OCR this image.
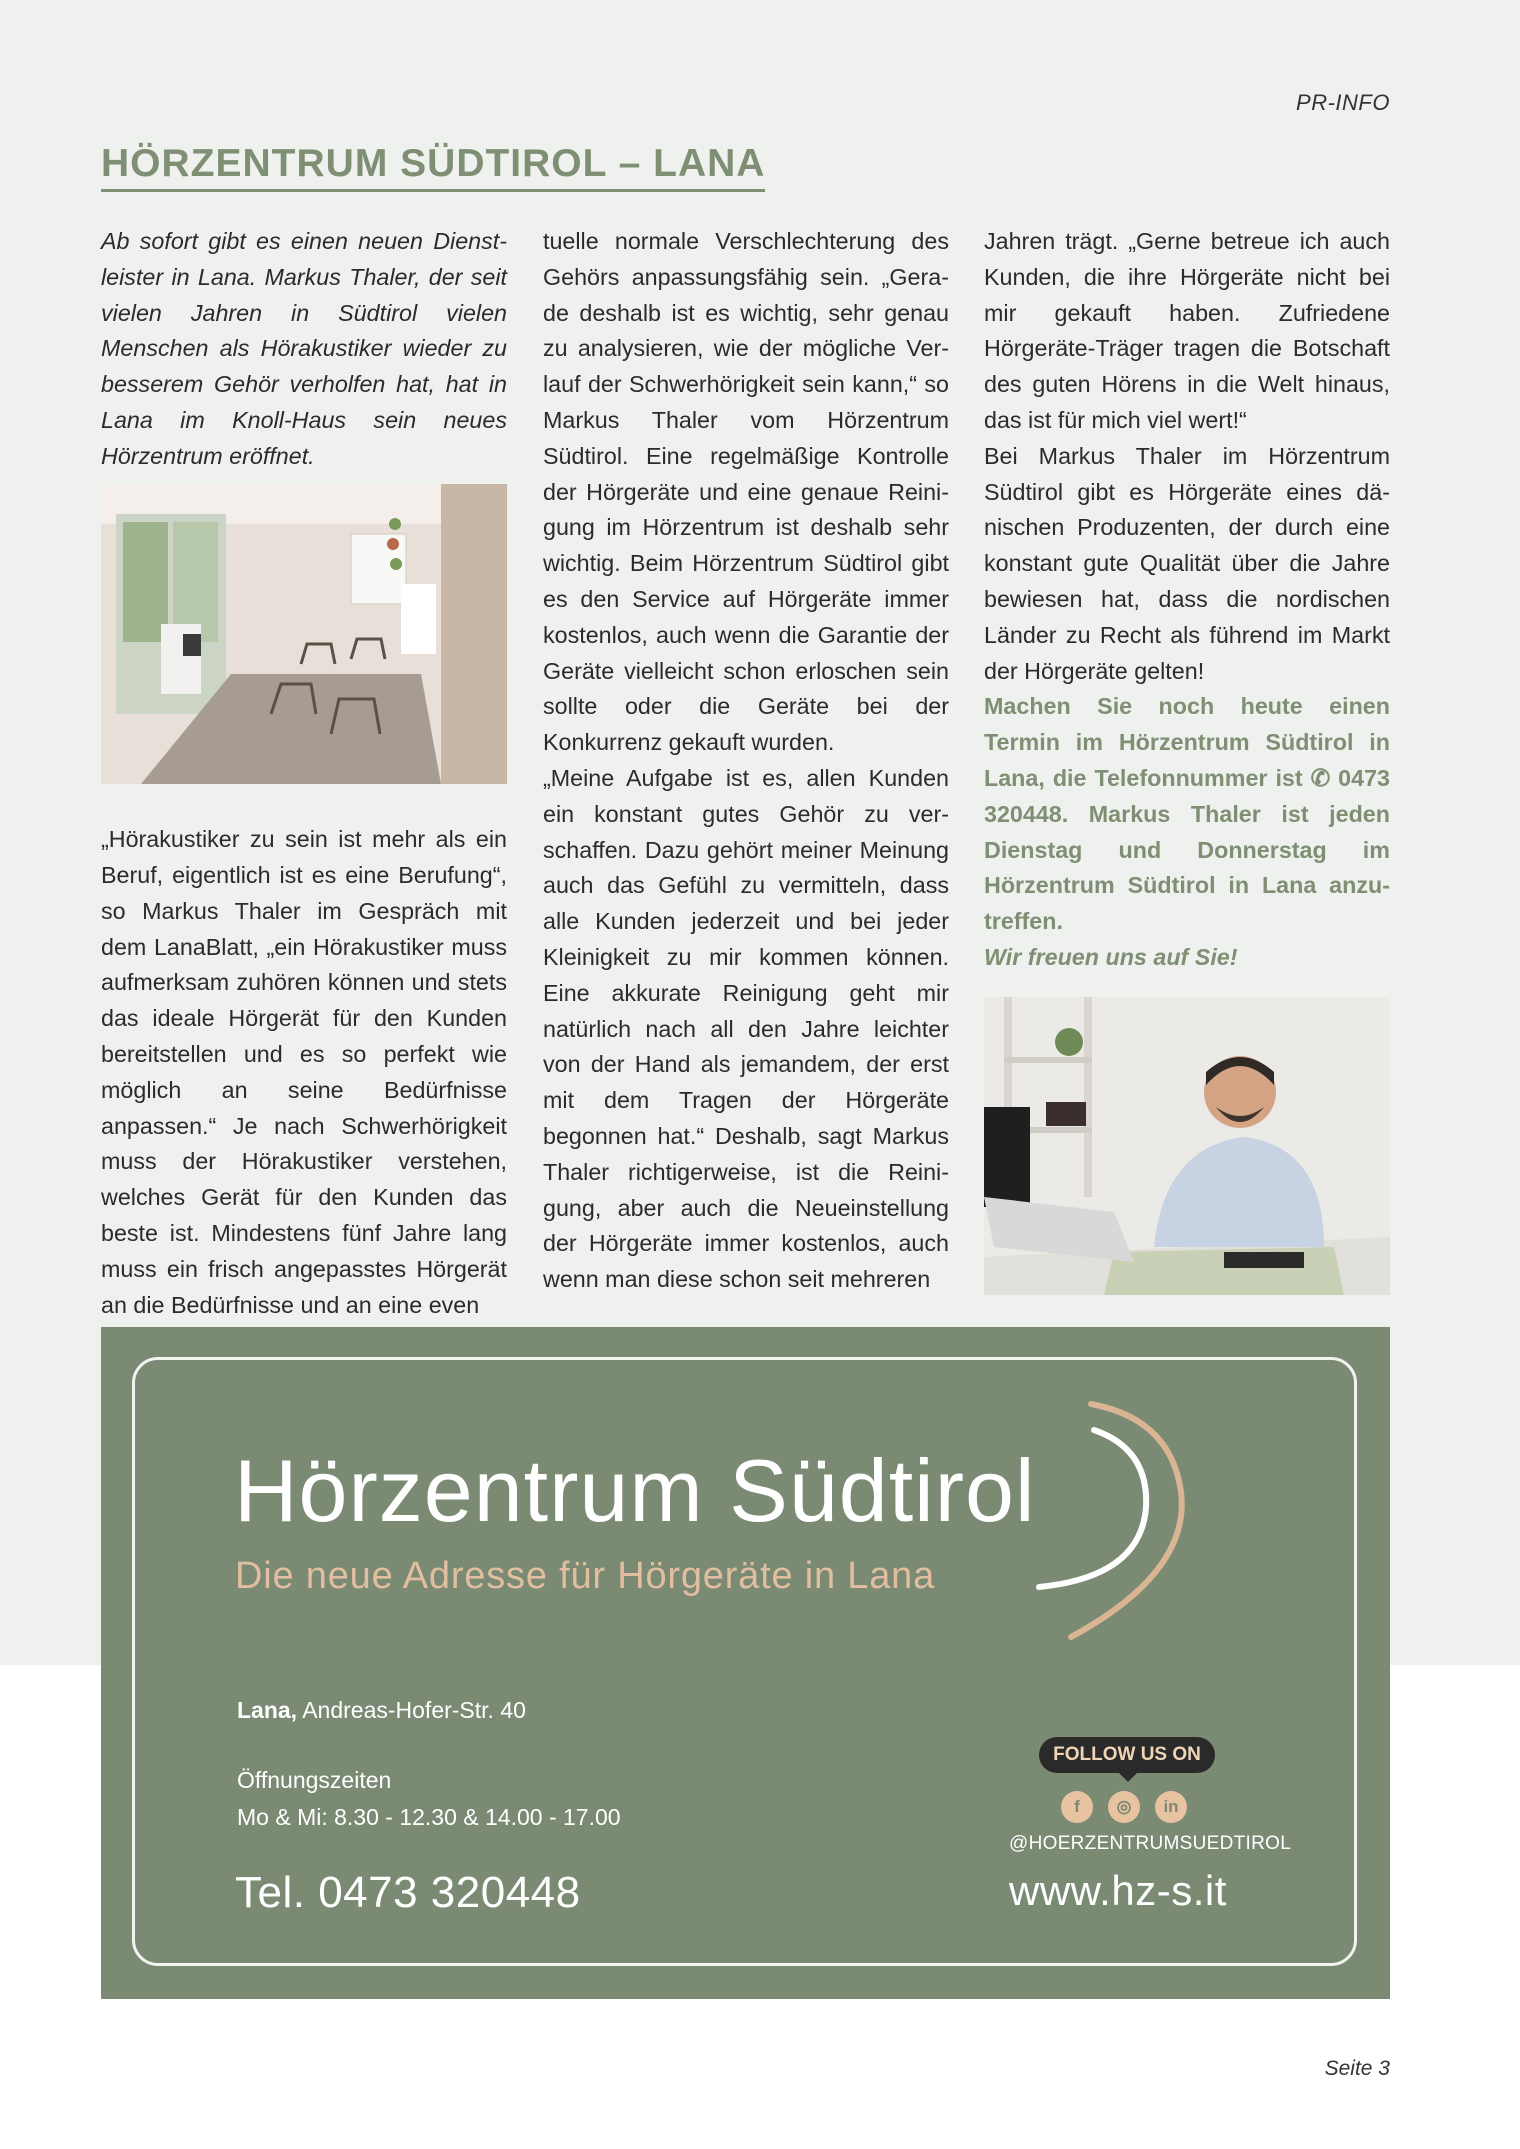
PR-INFO
HÖRZENTRUM SÜDTIROL – LANA

Ab sofort gibt es einen neuen Dienstleister in Lana. Markus Thaler, der seit vielen Jahren in Südtirol vielen Menschen als Hörakustiker wieder zu besserem Gehör verholfen hat, hat in Lana im Knoll-Haus sein neues Hörzentrum eröffnet.

„Hörakustiker zu sein ist mehr als ein Beruf, eigentlich ist es eine Berufung“, so Markus Thaler im Gespräch mit dem LanaBlatt, „ein Hörakustiker muss aufmerksam zuhören können und stets das ideale Hörgerät für den Kunden bereitstellen und es so perfekt wie möglich an seine Bedürfnisse anpassen.“ Je nach Schwerhörigkeit muss der Hörakustiker verstehen, welches Gerät für den Kunden das beste ist. Mindestens fünf Jahre lang muss ein frisch angepasstes Hörgerät an die Bedürfnisse und an eine even

tuelle normale Verschlechterung des Gehörs anpassungsfähig sein. „Gerade deshalb ist es wichtig, sehr genau zu analysieren, wie der mögliche Verlauf der Schwerhörigkeit sein kann,“ so Markus Thaler vom Hörzentrum Südtirol. Eine regelmäßige Kontrolle der Hörgeräte und eine genaue Reinigung im Hörzentrum ist deshalb sehr wichtig. Beim Hörzentrum Südtirol gibt es den Service auf Hörgeräte immer kostenlos, auch wenn die Garantie der Geräte vielleicht schon erloschen sein sollte oder die Geräte bei der Konkurrenz gekauft wurden.

„Meine Aufgabe ist es, allen Kunden ein konstant gutes Gehör zu verschaffen. Dazu gehört meiner Meinung auch das Gefühl zu vermitteln, dass alle Kunden jederzeit und bei jeder Kleinigkeit zu mir kommen können. Eine akkurate Reinigung geht mir natürlich nach all den Jahre leichter von der Hand als jemandem, der erst mit dem Tragen der Hörgeräte begonnen hat.“ Deshalb, sagt Markus Thaler richtigerweise, ist die Reinigung, aber auch die Neueinstellung der Hörgeräte immer kostenlos, auch wenn man diese schon seit mehreren

Jahren trägt. „Gerne betreue ich auch Kunden, die ihre Hörgeräte nicht bei mir gekauft haben. Zufriedene Hörgeräte-Träger tragen die Botschaft des guten Hörens in die Welt hinaus, das ist für mich viel wert!“

Bei Markus Thaler im Hörzentrum Südtirol gibt es Hörgeräte eines dänischen Produzenten, der durch eine konstant gute Qualität über die Jahre bewiesen hat, dass die nordischen Länder zu Recht als führend im Markt der Hörgeräte gelten!

Machen Sie noch heute einen Termin im Hörzentrum Südtirol in Lana, die Telefonnummer ist ✆ 0473 320448. Markus Thaler ist jeden Dienstag und Donnerstag im Hörzentrum Südtirol in Lana anzutreffen.

Wir freuen uns auf Sie!

Hörzentrum Südtirol
Die neue Adresse für Hörgeräte in Lana
Lana, Andreas-Hofer-Str. 40
Öffnungszeiten
Mo & Mi: 8.30 - 12.30 & 14.00 - 17.00
Tel. 0473 320448
FOLLOW US ON
f	◎	in
@HOERZENTRUMSUEDTIROL
www.hz-s.it
Seite 3
